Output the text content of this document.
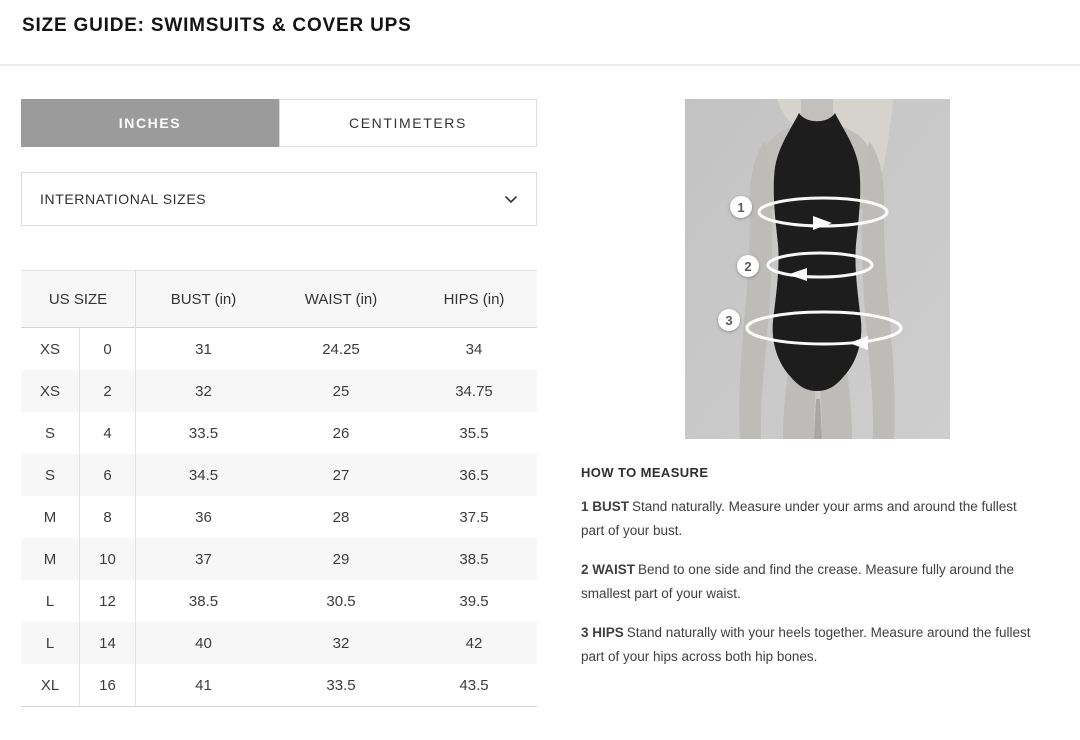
SIZE GUIDE: SWIMSUITS & COVER UPS
INCHES	CENTIMETERS
INTERNATIONAL SIZES
US SIZE	BUST (in)	WAIST (in)	HIPS (in)
XS	0	31	24.25	34
XS	2	32	25	34.75
S	4	33.5	26	35.5
S	6	34.5	27	36.5
M	8	36	28	37.5
M	10	37	29	38.5
L	12	38.5	30.5	39.5
L	14	40	32	42
XL	16	41	33.5	43.5
1
2
3
HOW TO MEASURE

1 BUST Stand naturally. Measure under your arms and around the fullest part of your bust.

2 WAIST Bend to one side and find the crease. Measure fully around the smallest part of your waist.

3 HIPS Stand naturally with your heels together. Measure around the fullest part of your hips across both hip bones.
